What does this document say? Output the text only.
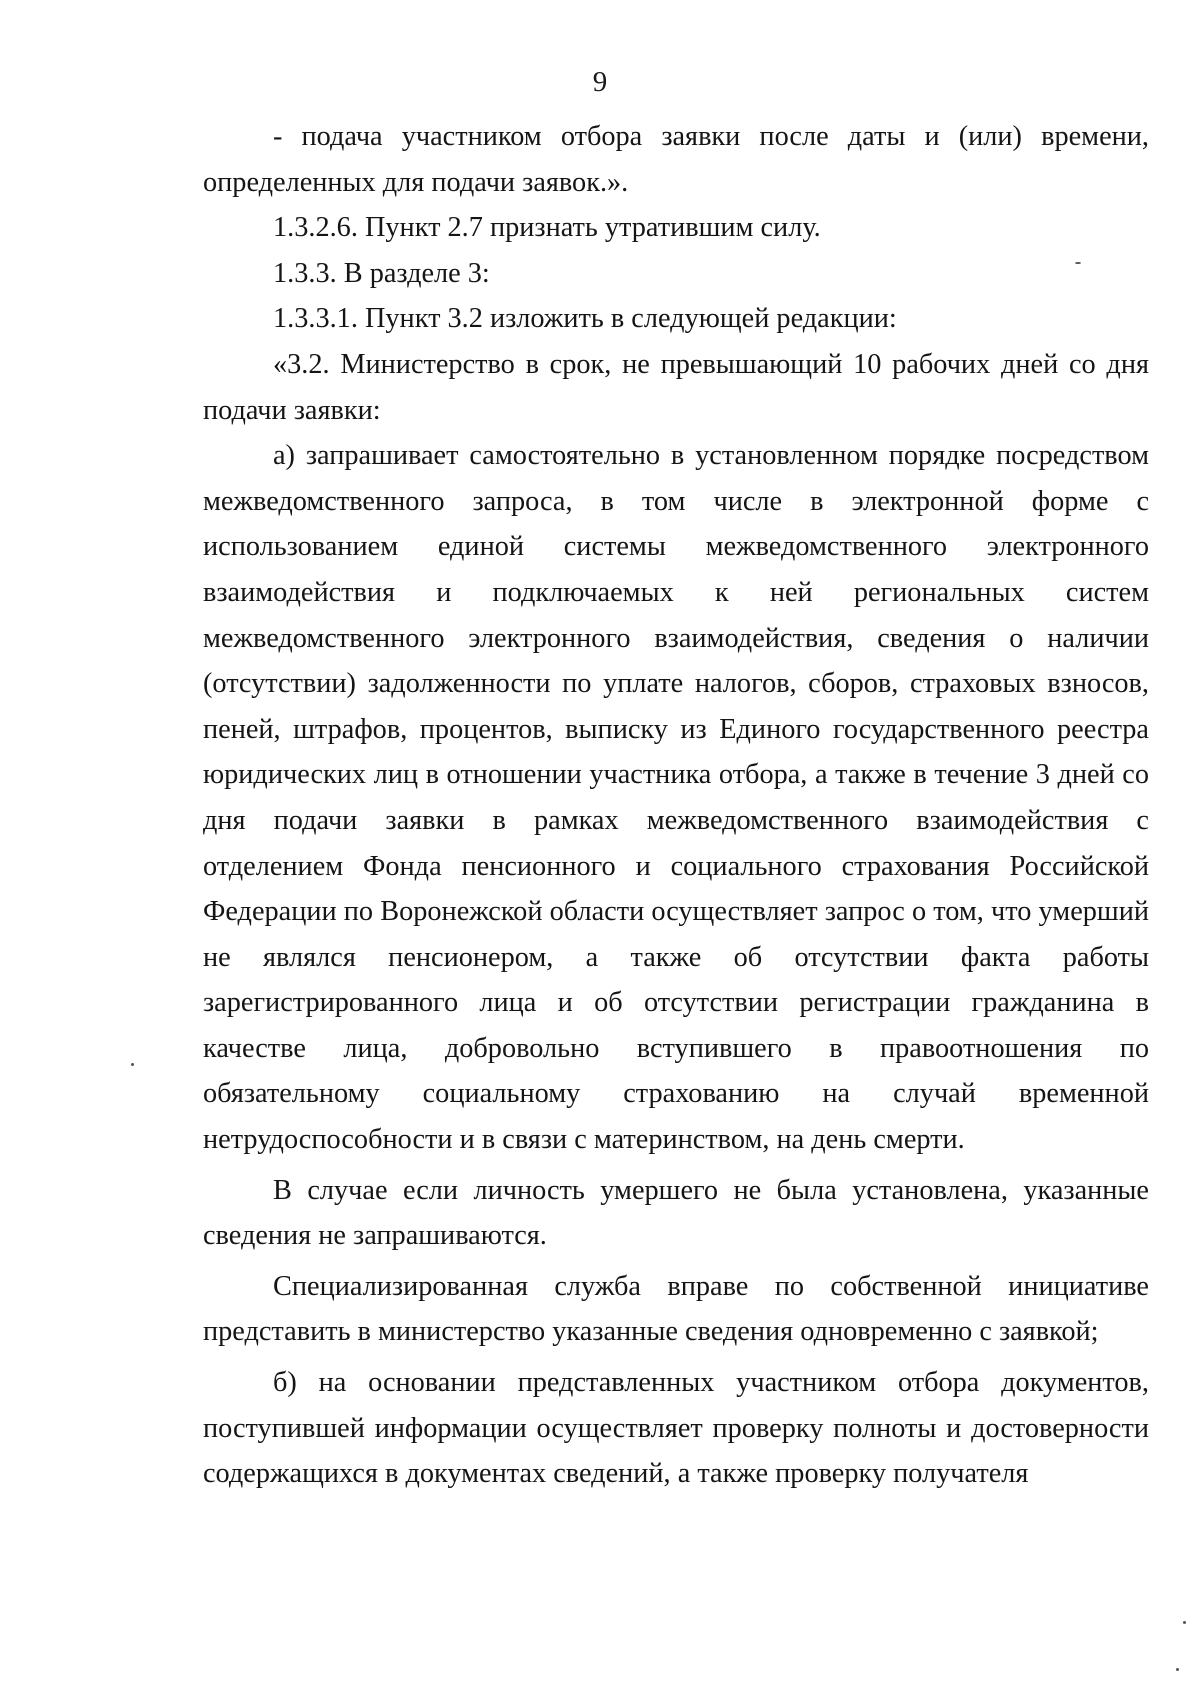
9

- подача участником отбора заявки после даты и (или) времени, определенных для подачи заявок.».

1.3.2.6. Пункт 2.7 признать утратившим силу.

1.3.3. В разделе 3:

1.3.3.1. Пункт 3.2 изложить в следующей редакции:

«3.2. Министерство в срок, не превышающий 10 рабочих дней со дня подачи заявки:

а) запрашивает самостоятельно в установленном порядке посредством межведомственного запроса, в том числе в электронной форме с использованием единой системы межведомственного электронного взаимодействия и подключаемых к ней региональных систем межведомственного электронного взаимодействия, сведения о наличии (отсутствии) задолженности по уплате налогов, сборов, страховых взносов, пеней, штрафов, процентов, выписку из Единого государственного реестра юридических лиц в отношении участника отбора, а также в течение 3 дней со дня подачи заявки в рамках межведомственного взаимодействия с отделением Фонда пенсионного и социального страхования Российской Федерации по Воронежской области осуществляет запрос о том, что умерший не являлся пенсионером, а также об отсутствии факта работы зарегистрированного лица и об отсутствии регистрации гражданина в качестве лица, добровольно вступившего в правоотношения по обязательному социальному страхованию на случай временной нетрудоспособности и в связи с материнством, на день смерти.

В случае если личность умершего не была установлена, указанные сведения не запрашиваются.

Специализированная служба вправе по собственной инициативе представить в министерство указанные сведения одновременно с заявкой;

б) на основании представленных участником отбора документов, поступившей информации осуществляет проверку полноты и достоверности содержащихся в документах сведений, а также проверку получателя
